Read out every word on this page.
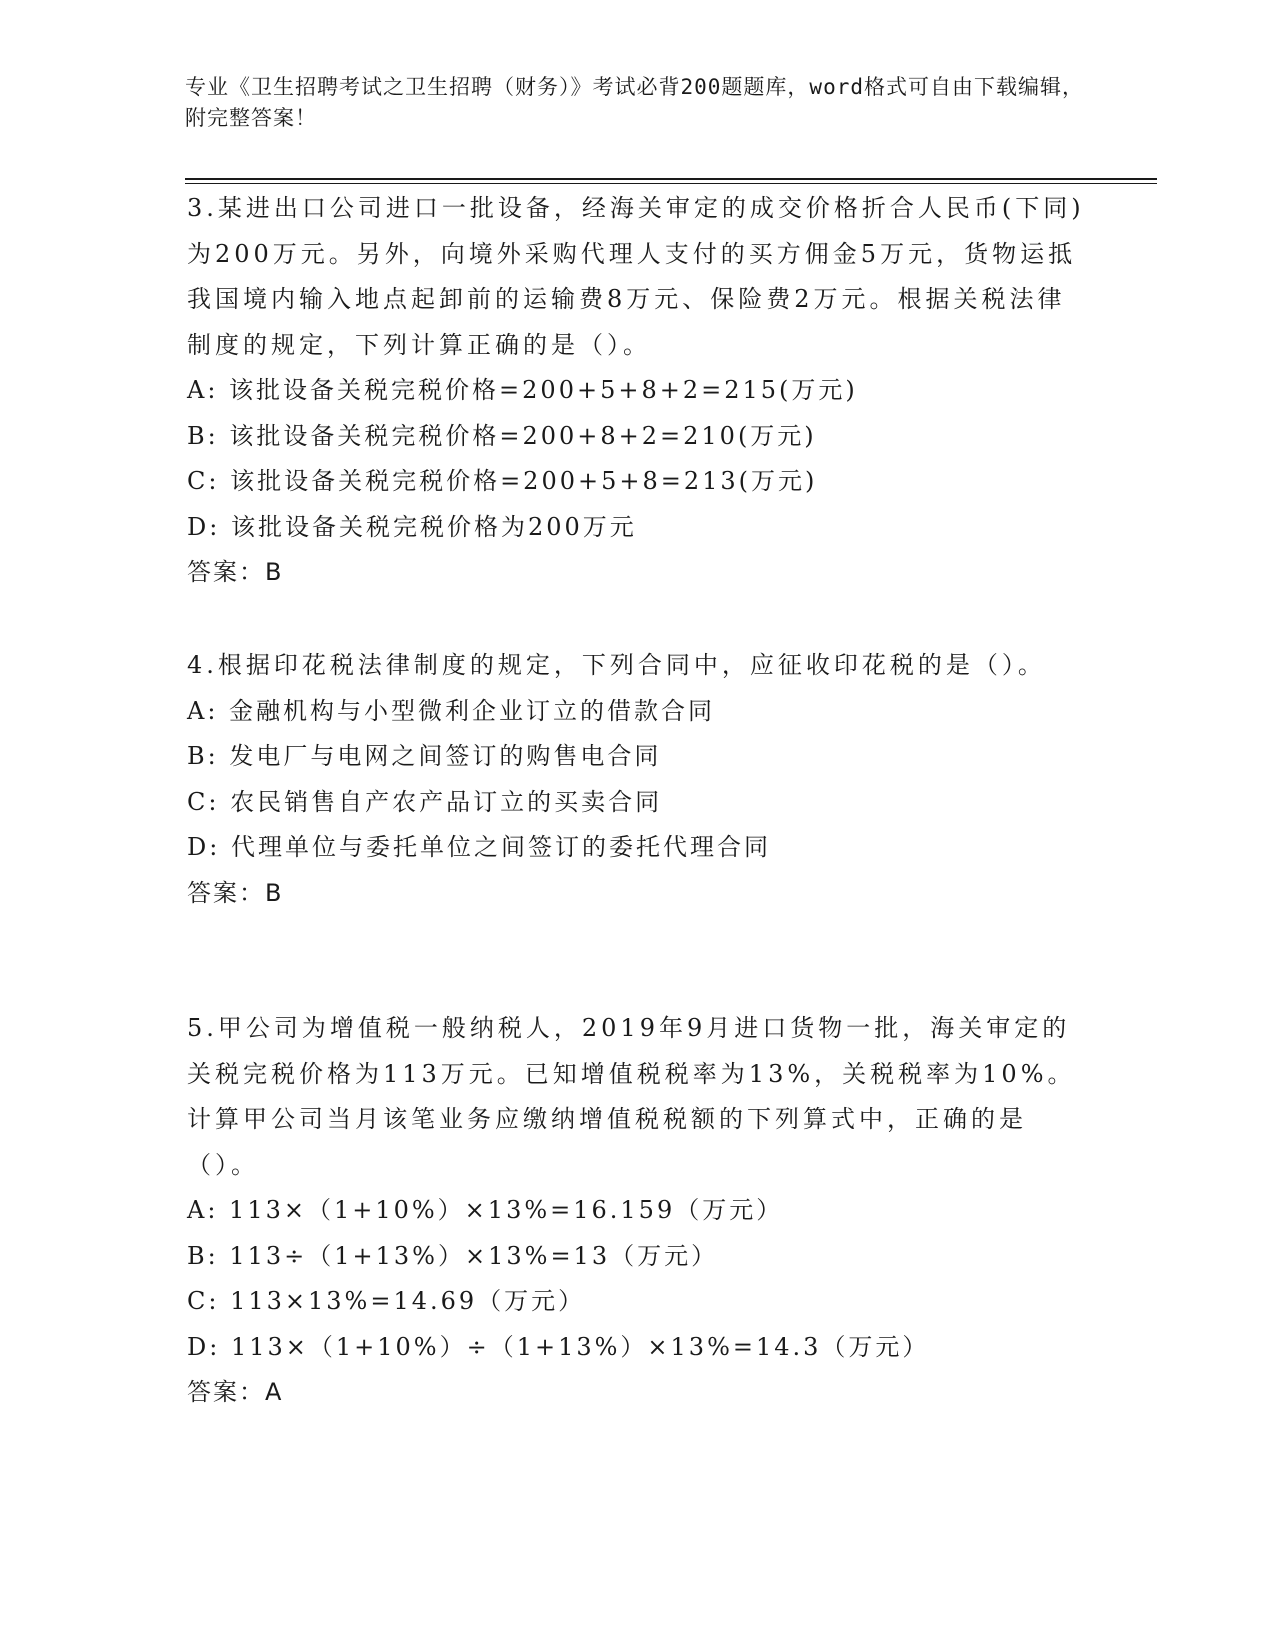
专业《卫生招聘考试之卫生招聘（财务）》考试必背200题题库，word格式可自由下载编辑，附完整答案！

3.某进出口公司进口一批设备，经海关审定的成交价格折合人民币(下同)为200万元。另外，向境外采购代理人支付的买方佣金5万元，货物运抵我国境内输入地点起卸前的运输费8万元、保险费2万元。根据关税法律制度的规定，下列计算正确的是（）。

A: 该批设备关税完税价格=200+5+8+2=215(万元)

B: 该批设备关税完税价格=200+8+2=210(万元)

C: 该批设备关税完税价格=200+5+8=213(万元)

D: 该批设备关税完税价格为200万元

答案：B

4.根据印花税法律制度的规定，下列合同中，应征收印花税的是（）。

A: 金融机构与小型微利企业订立的借款合同

B: 发电厂与电网之间签订的购售电合同

C: 农民销售自产农产品订立的买卖合同

D: 代理单位与委托单位之间签订的委托代理合同

答案：B

5.甲公司为增值税一般纳税人，2019年9月进口货物一批，海关审定的关税完税价格为113万元。已知增值税税率为13%，关税税率为10%。计算甲公司当月该笔业务应缴纳增值税税额的下列算式中，正确的是（）。

A: 113×（1+10%）×13%=16.159（万元）

B: 113÷（1+13%）×13%=13（万元）

C: 113×13%=14.69（万元）

D: 113×（1+10%）÷（1+13%）×13%=14.3（万元）

答案：A
